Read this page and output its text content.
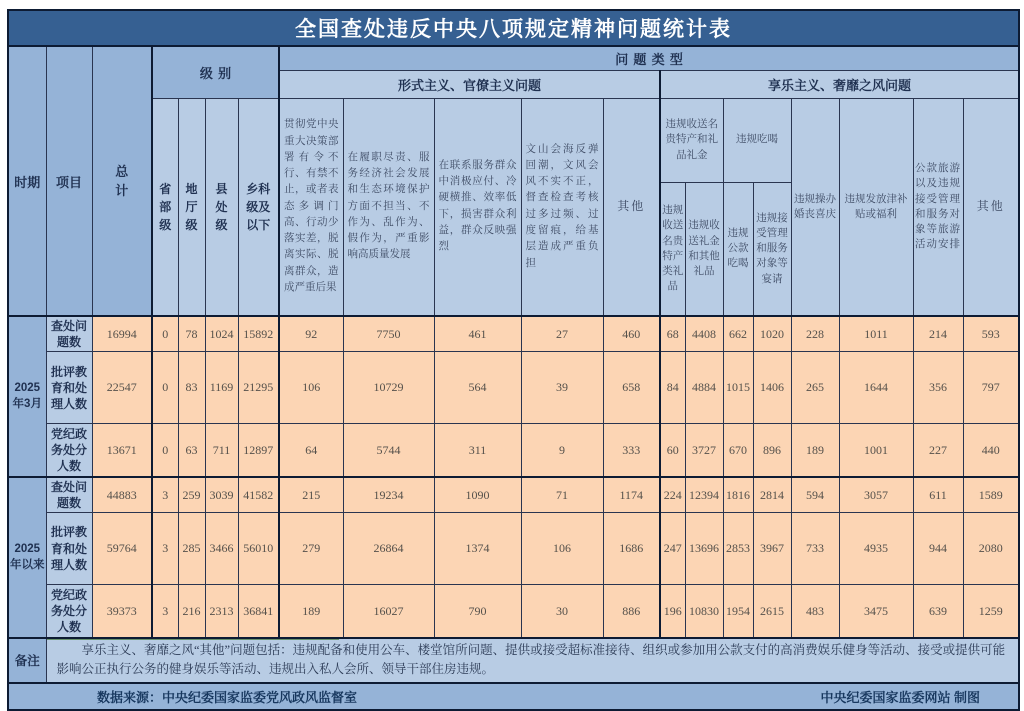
全国查处违反中央八项规定精神问题统计表																			
时期	项目	总计	级别				问题类型												
							形式主义、官僚主义问题					享乐主义、奢靡之风问题							
			省部级	地厅级	县处级	乡科级及以下	贯彻党中央重大决策部署有令不行、有禁不止，或者表态多调门高、行动少落实差，脱离实际、脱离群众，造成严重后果	在履职尽责、服务经济社会发展和生态环境保护方面不担当、不作为、乱作为、假作为，严重影响高质量发展	在联系服务群众中消极应付、冷硬横推、效率低下，损害群众利益，群众反映强烈	文山会海反弹回潮，文风会风不实不正，督查检查考核过多过频、过度留痕，给基层造成严重负担	其他	违规收送名贵特产和礼品礼金		违规吃喝		违规操办婚丧喜庆	违规发放津补贴或福利	公款旅游以及违规接受管理和服务对象等旅游活动安排	其他
												违规收送名贵特产类礼品	违规收送礼金和其他礼品	违规公款吃喝	违规接受管理和服务对象等宴请				
2025年3月	查处问题数	16994	0	78	1024	15892	92	7750	461	27	460	68	4408	662	1020	228	1011	214	593
	批评教育和处理人数	22547	0	83	1169	21295	106	10729	564	39	658	84	4884	1015	1406	265	1644	356	797
	党纪政务处分人数	13671	0	63	711	12897	64	5744	311	9	333	60	3727	670	896	189	1001	227	440
2025年以来	查处问题数	44883	3	259	3039	41582	215	19234	1090	71	1174	224	12394	1816	2814	594	3057	611	1589
	批评教育和处理人数	59764	3	285	3466	56010	279	26864	1374	106	1686	247	13696	2853	3967	733	4935	944	2080
	党纪政务处分人数	39373	3	216	2313	36841	189	16027	790	30	886	196	10830	1954	2615	483	3475	639	1259
备注	享乐主义、奢靡之风“其他”问题包括：违规配备和使用公车、楼堂馆所问题、提供或接受超标准接待、组织或参加用公款支付的高消费娱乐健身等活动、接受或提供可能影响公正执行公务的健身娱乐等活动、违规出入私人会所、领导干部住房违规。																		

数据来源：中央纪委国家监委党风政风监督室 中央纪委国家监委网站 制图																			
